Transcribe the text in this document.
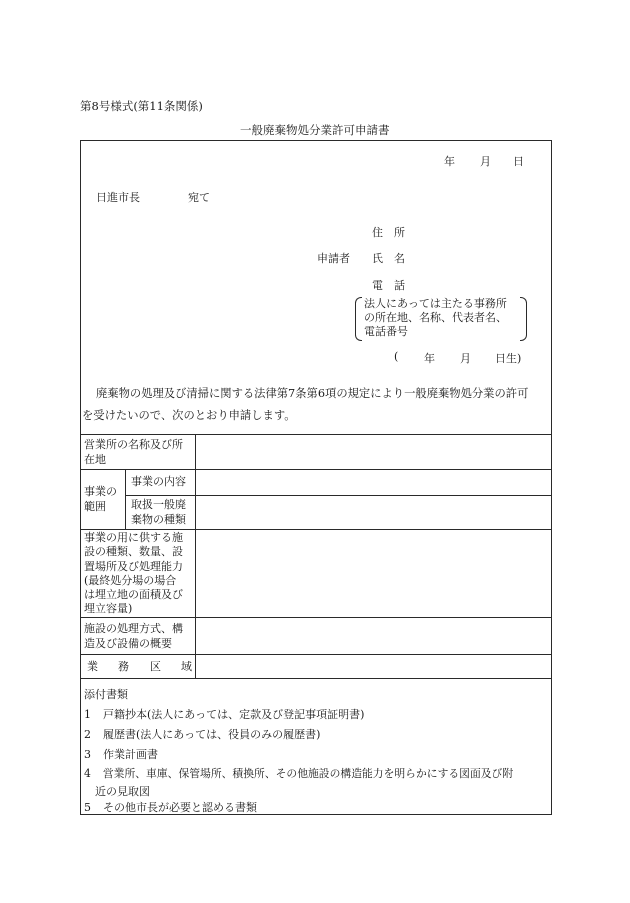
第8号様式(第11条関係)
一般廃棄物処分業許可申請書
年 月 日
日進市長	宛て
住　所
申請者 氏　名
電　話
法人にあっては主たる事務所
の所在地、名称、代表者名、
電話番号
( 年 月 日生)
廃棄物の処理及び清掃に関する法律第7条第6項の規定により一般廃棄物処分業の許可
を受けたいので、次のとおり申請します。
営業所の名称及び所
在地
事業の
範囲
事業の内容
取扱一般廃
棄物の種類
事業の用に供する施
設の種類、数量、設
置場所及び処理能力
(最終処分場の場合
は埋立地の面積及び
埋立容量)
施設の処理方式、構
造及び設備の概要
業 務 区 域
添付書類
1 戸籍抄本(法人にあっては、定款及び登記事項証明書)
2 履歴書(法人にあっては、役員のみの履歴書)
3 作業計画書
4 営業所、車庫、保管場所、積換所、その他施設の構造能力を明らかにする図面及び附
近の見取図
5 その他市長が必要と認める書類
